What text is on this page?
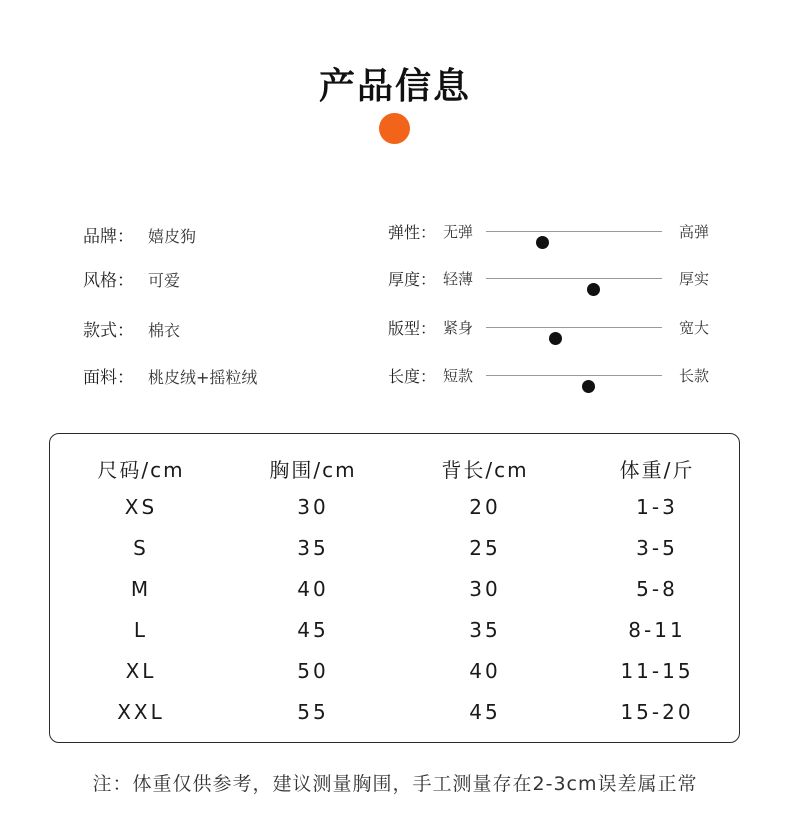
产品信息
品牌： 嬉皮狗
风格： 可爱
款式： 棉衣
面料： 桃皮绒+摇粒绒
弹性： 无弹	高弹
厚度： 轻薄	厚实
版型： 紧身	宽大
长度： 短款	长款
尺码/cm	胸围/cm	背长/cm	体重/斤
XS	30	20	1-3
S	35	25	3-5
M	40	30	5-8
L	45	35	8-11
XL	50	40	11-15
XXL	55	45	15-20
注：体重仅供参考，建议测量胸围，手工测量存在2-3cm误差属正常
